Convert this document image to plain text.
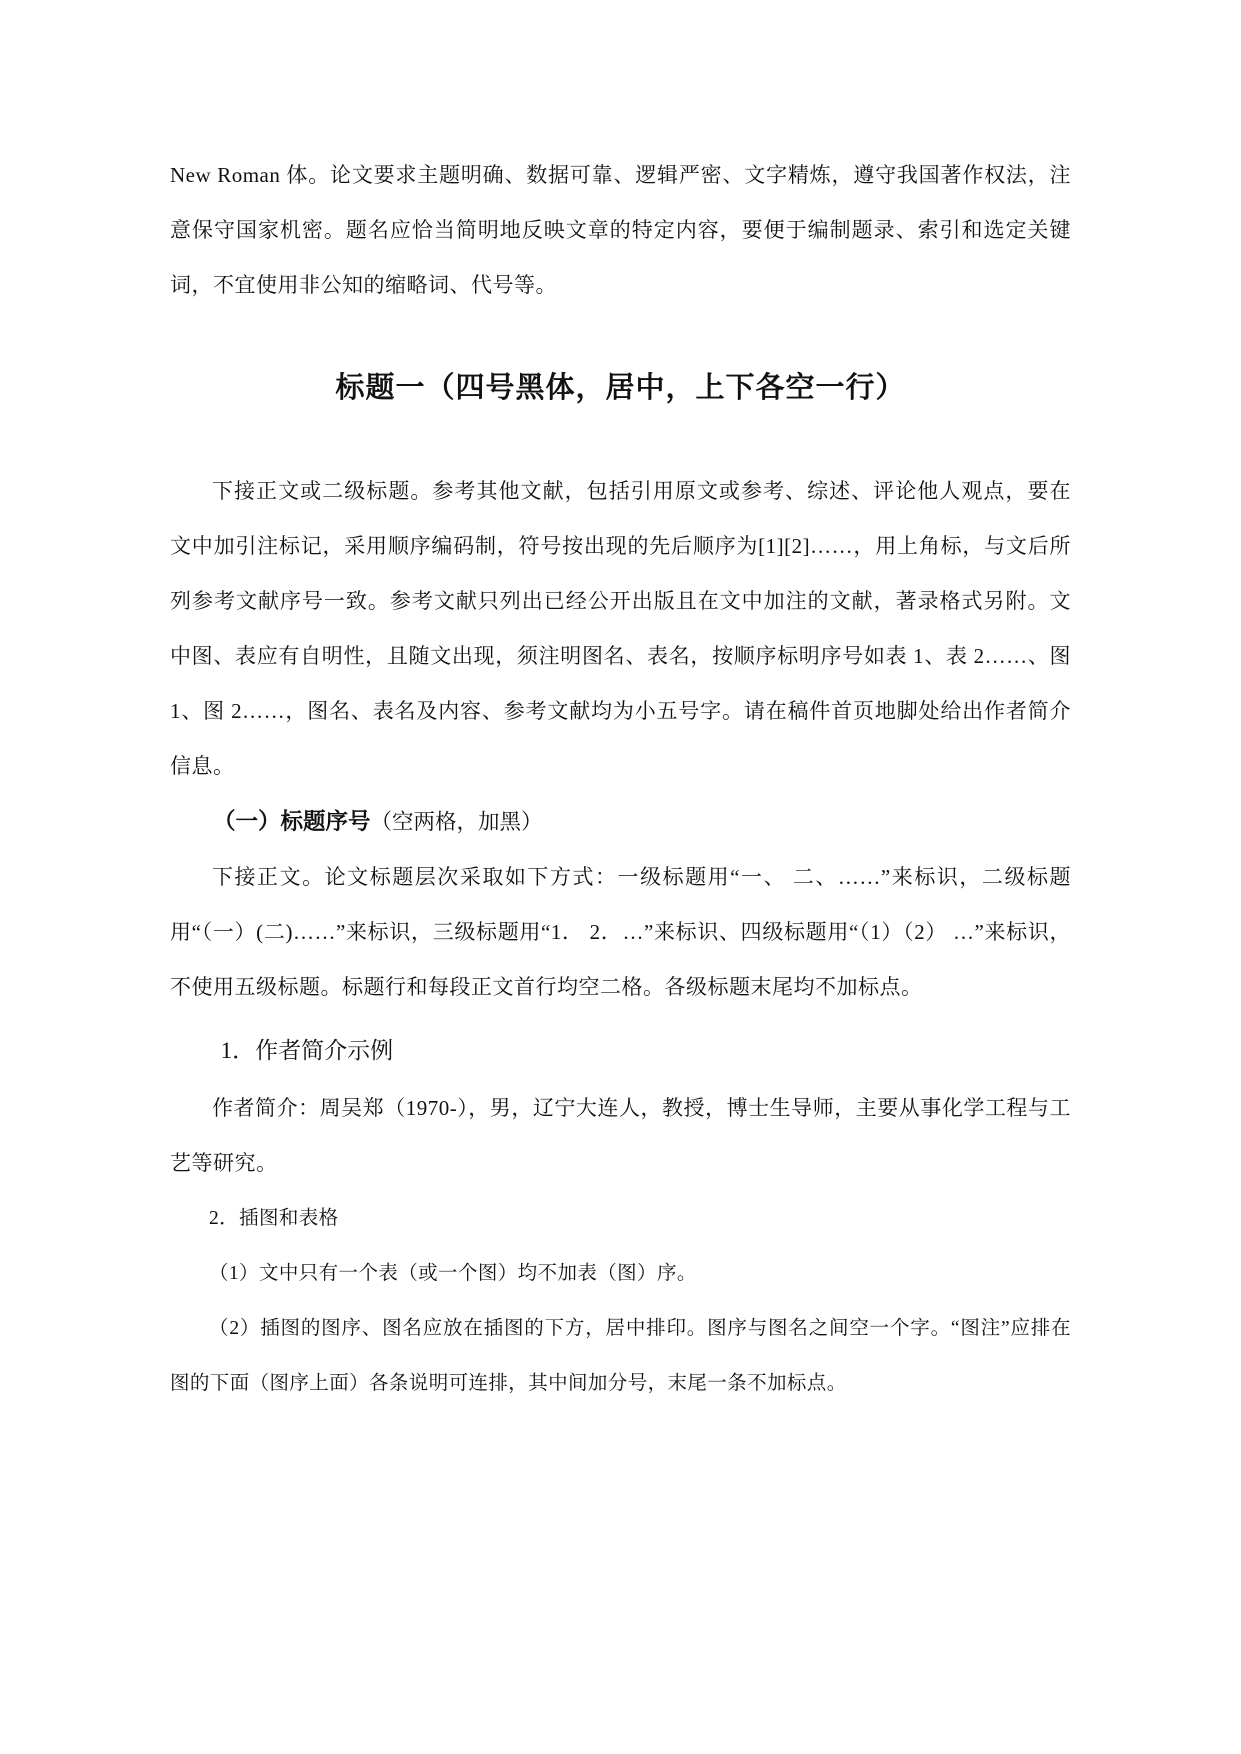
New Roman 体。论文要求主题明确、数据可靠、逻辑严密、文字精炼，遵守我国著作权法，注意保守国家机密。题名应恰当简明地反映文章的特定内容，要便于编制题录、索引和选定关键词，不宜使用非公知的缩略词、代号等。

标题一（四号黑体，居中，上下各空一行）

下接正文或二级标题。参考其他文献，包括引用原文或参考、综述、评论他人观点，要在文中加引注标记，采用顺序编码制，符号按出现的先后顺序为[1][2]……，用上角标，与文后所列参考文献序号一致。参考文献只列出已经公开出版且在文中加注的文献，著录格式另附。文中图、表应有自明性，且随文出现，须注明图名、表名，按顺序标明序号如表 1、表 2……、图 1、图 2……，图名、表名及内容、参考文献均为小五号字。请在稿件首页地脚处给出作者简介信息。

（一）标题序号（空两格，加黑）

下接正文。论文标题层次采取如下方式：一级标题用“一、 二、……”来标识，二级标题用“（一）(二)……”来标识，三级标题用“1． 2．…”来标识、四级标题用“（1）（2） …”来标识，不使用五级标题。标题行和每段正文首行均空二格。各级标题末尾均不加标点。

1．作者简介示例

作者简介：周吴郑（1970-），男，辽宁大连人，教授，博士生导师，主要从事化学工程与工艺等研究。

2．插图和表格

（1）文中只有一个表（或一个图）均不加表（图）序。

（2）插图的图序、图名应放在插图的下方，居中排印。图序与图名之间空一个字。“图注”应排在图的下面（图序上面）各条说明可连排，其中间加分号，末尾一条不加标点。
